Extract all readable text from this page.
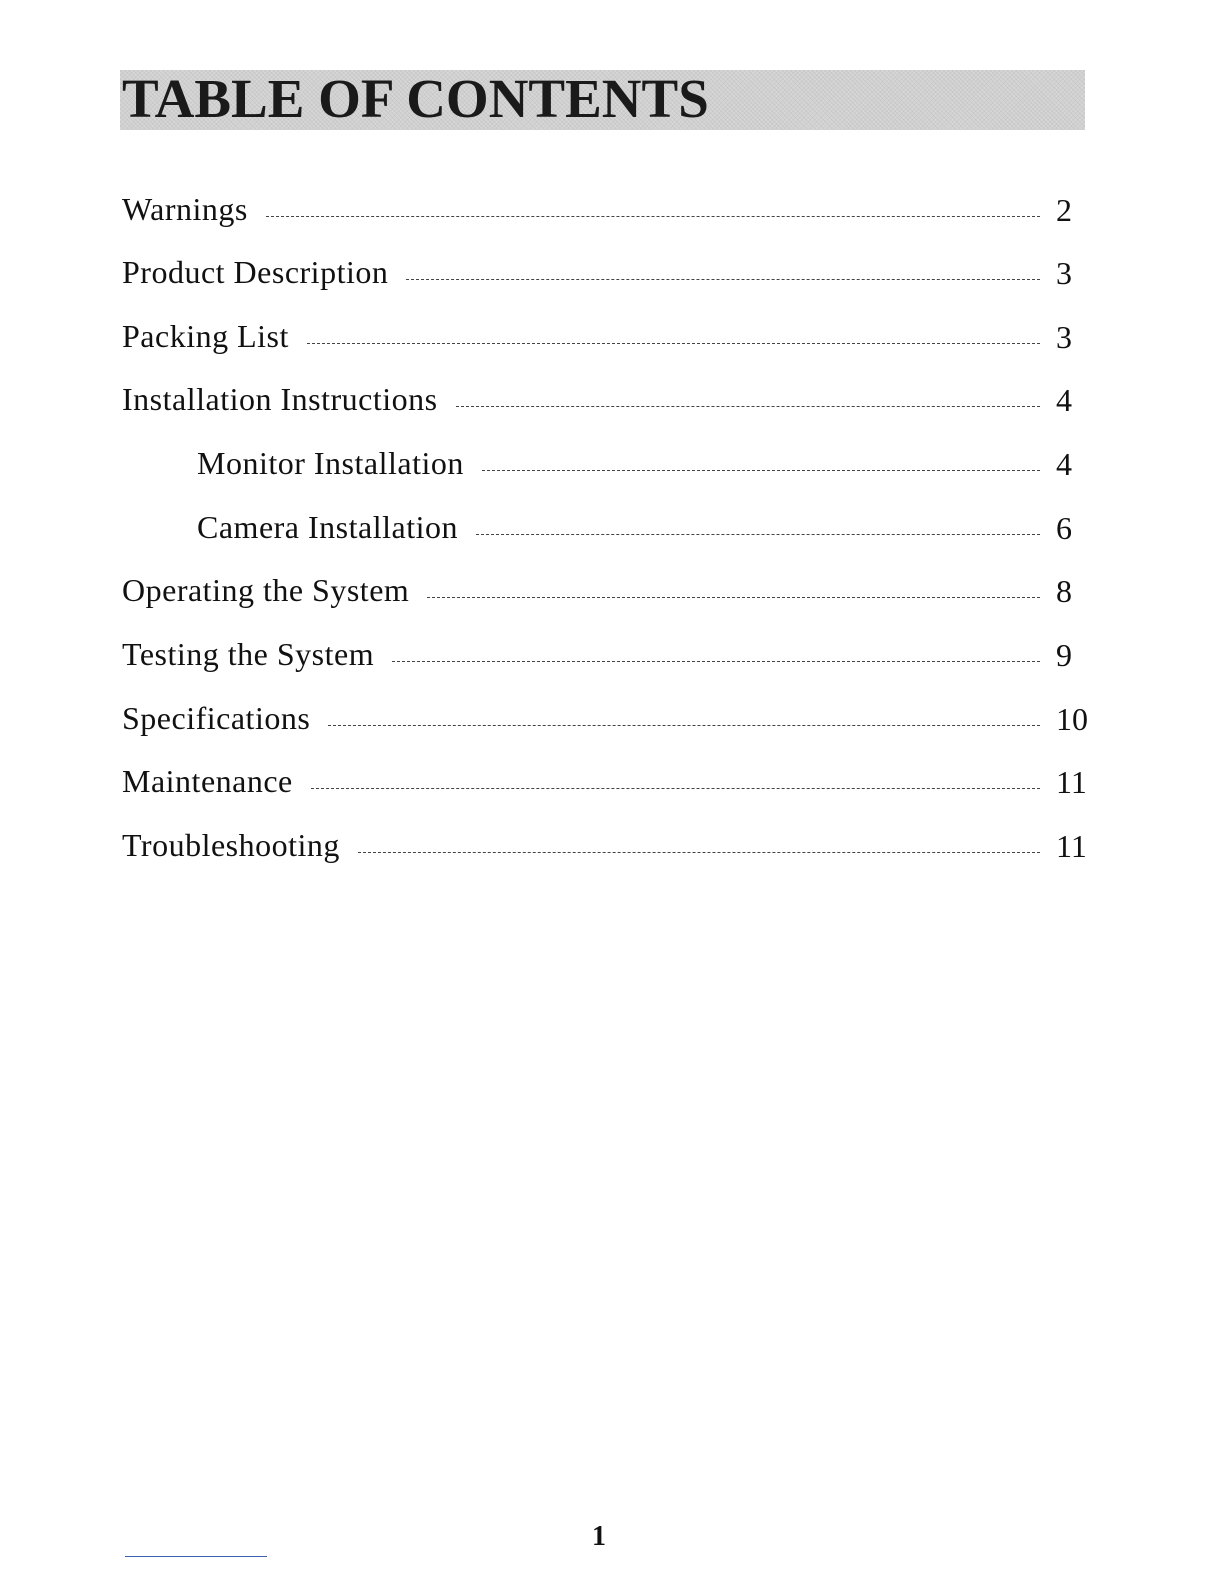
TABLE OF CONTENTS
Warnings	2
Product Description	3
Packing List	3
Installation Instructions	4
Monitor Installation	4
Camera Installation	6
Operating the System	8
Testing the System	9
Specifications	10
Maintenance	11
Troubleshooting	11
1
